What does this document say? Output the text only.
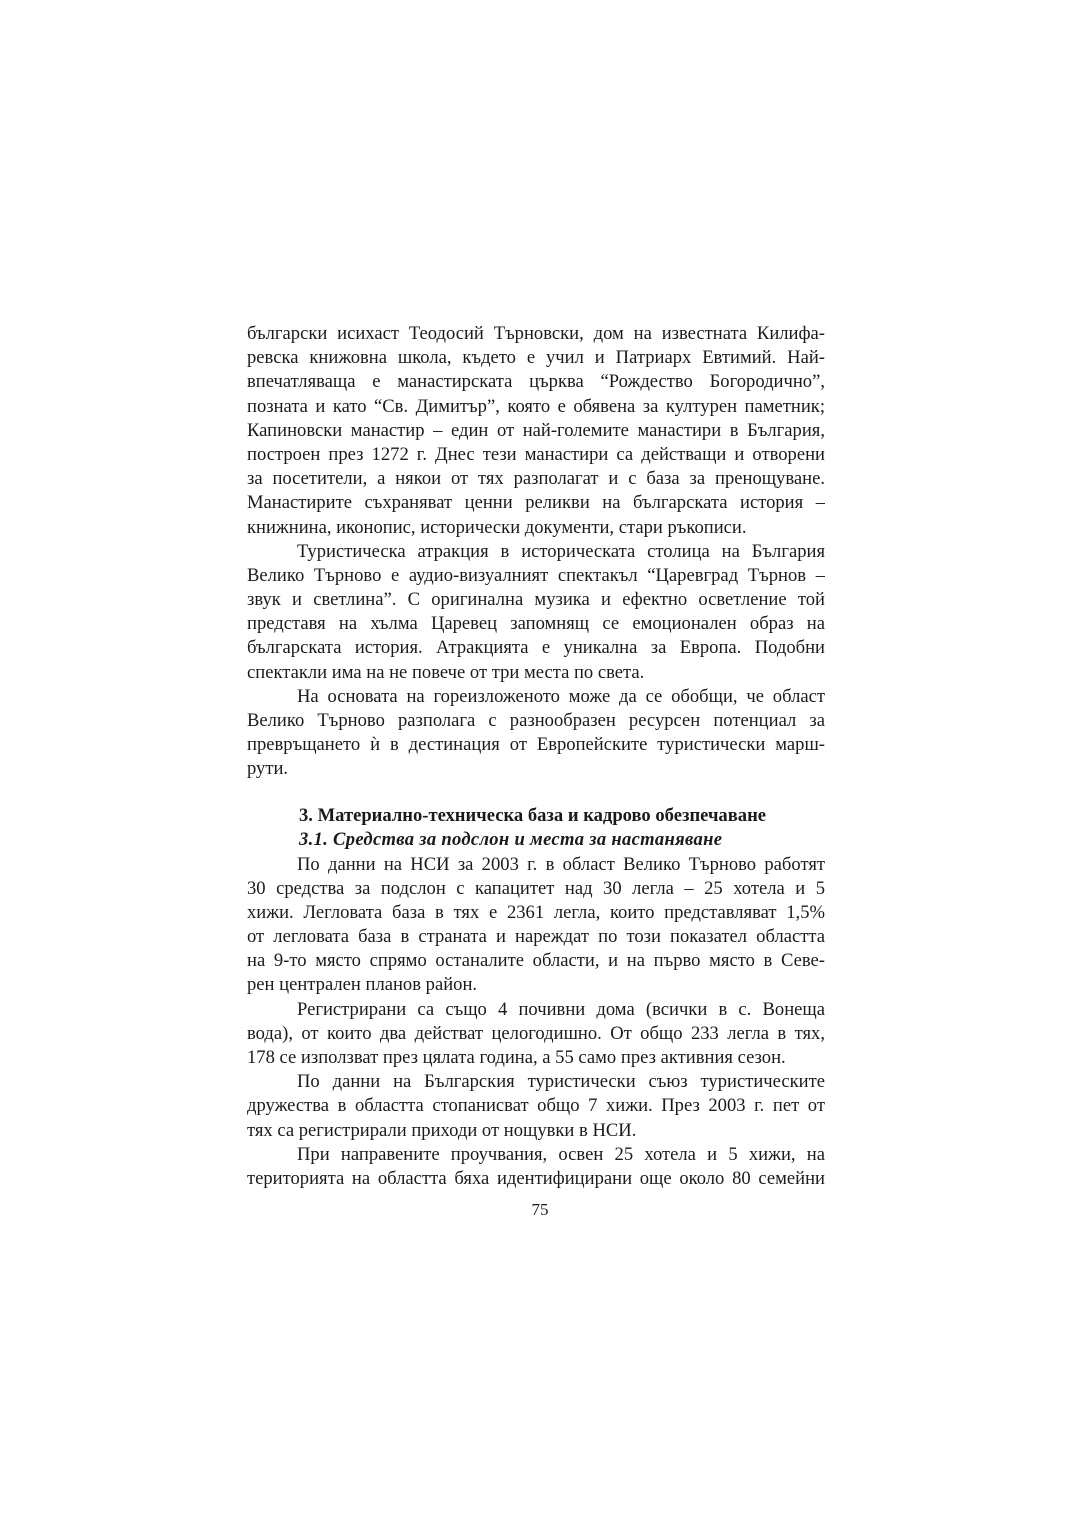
български исихаст Теодосий Търновски, дом на известната Килифа-
ревска книжовна школа, където е учил и Патриарх Евтимий. Най-
впечатляваща е манастирската църква “Рождество Богородично”,
позната и като “Св. Димитър”, която е обявена за културен паметник;
Капиновски манастир – един от най-големите манастири в България,
построен през 1272 г. Днес тези манастири са действащи и отворени
за посетители, а някои от тях разполагат и с база за пренощуване.
Манастирите съхраняват ценни реликви на българската история –
книжнина, иконопис, исторически документи, стари ръкописи.
Туристическа атракция в историческата столица на България
Велико Търново е аудио-визуалният спектакъл “Царевград Търнов –
звук и светлина”. С оригинална музика и ефектно осветление той
представя на хълма Царевец запомнящ се емоционален образ на
българската история. Атракцията е уникална за Европа. Подобни
спектакли има на не повече от три места по света.
На основата на гореизложеното може да се обобщи, че област
Велико Търново разполага с разнообразен ресурсен потенциал за
превръщането ѝ в дестинация от Европейските туристически марш-
рути.
3. Материално-техническа база и кадрово обезпечаване
3.1. Средства за подслон и места за настаняване
По данни на НСИ за 2003 г. в област Велико Търново работят
30 средства за подслон с капацитет над 30 легла – 25 хотела и 5
хижи. Легловата база в тях е 2361 легла, които представляват 1,5%
от легловата база в страната и нареждат по този показател областта
на 9-то място спрямо останалите области, и на първо място в Севе-
рен централен планов район.
Регистрирани са също 4 почивни дома (всички в с. Вонеща
вода), от които два действат целогодишно. От общо 233 легла в тях,
178 се използват през цялата година, а 55 само през активния сезон.
По данни на Българския туристически съюз туристическите
дружества в областта стопанисват общо 7 хижи. През 2003 г. пет от
тях са регистрирали приходи от нощувки в НСИ.
При направените проучвания, освен 25 хотела и 5 хижи, на
територията на областта бяха идентифицирани още около 80 семейни
75
